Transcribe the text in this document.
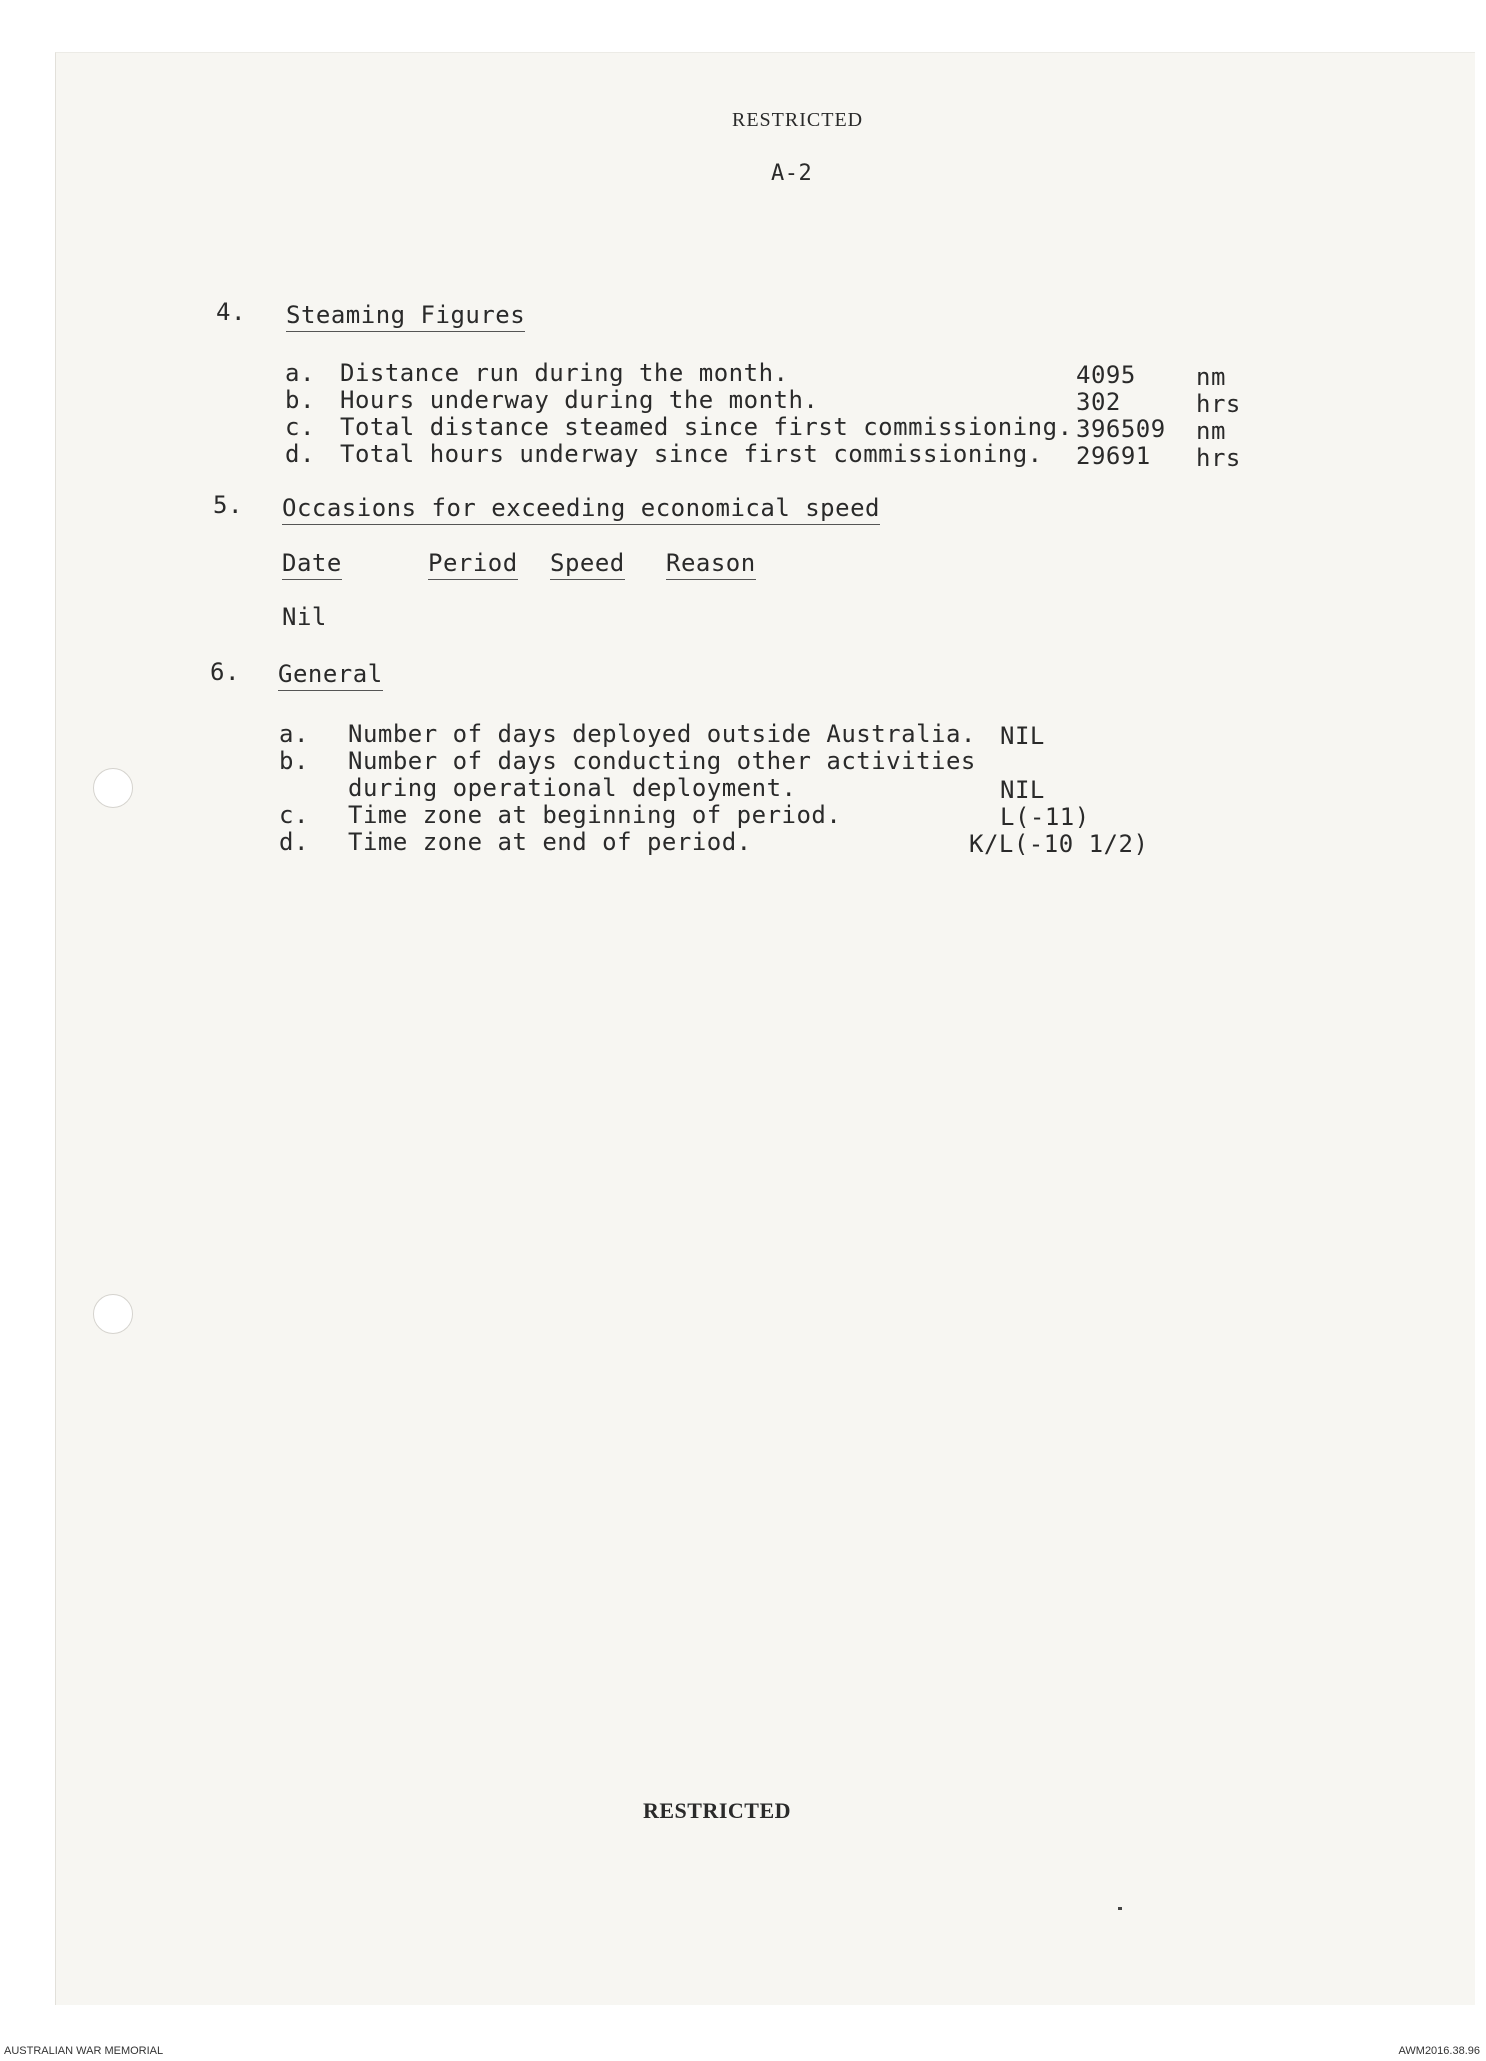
RESTRICTED
A-2
4. Steaming Figures
a. Distance run during the month.	4095	nm
b. Hours underway during the month.	302	hrs
c. Total distance steamed since first commissioning. 396509 nm
d. Total hours underway since first commissioning. 29691 hrs
5. Occasions for exceeding economical speed
Date	Period Speed Reason
Nil
6. General
a. Number of days deployed outside Australia. NIL
b. Number of days conducting other activities
during operational deployment.	NIL
c. Time zone at beginning of period.	L(-11)
d. Time zone at end of period.	K/L(-10 1/2)
RESTRICTED
AUSTRALIAN WAR MEMORIAL	AWM2016.38.96
